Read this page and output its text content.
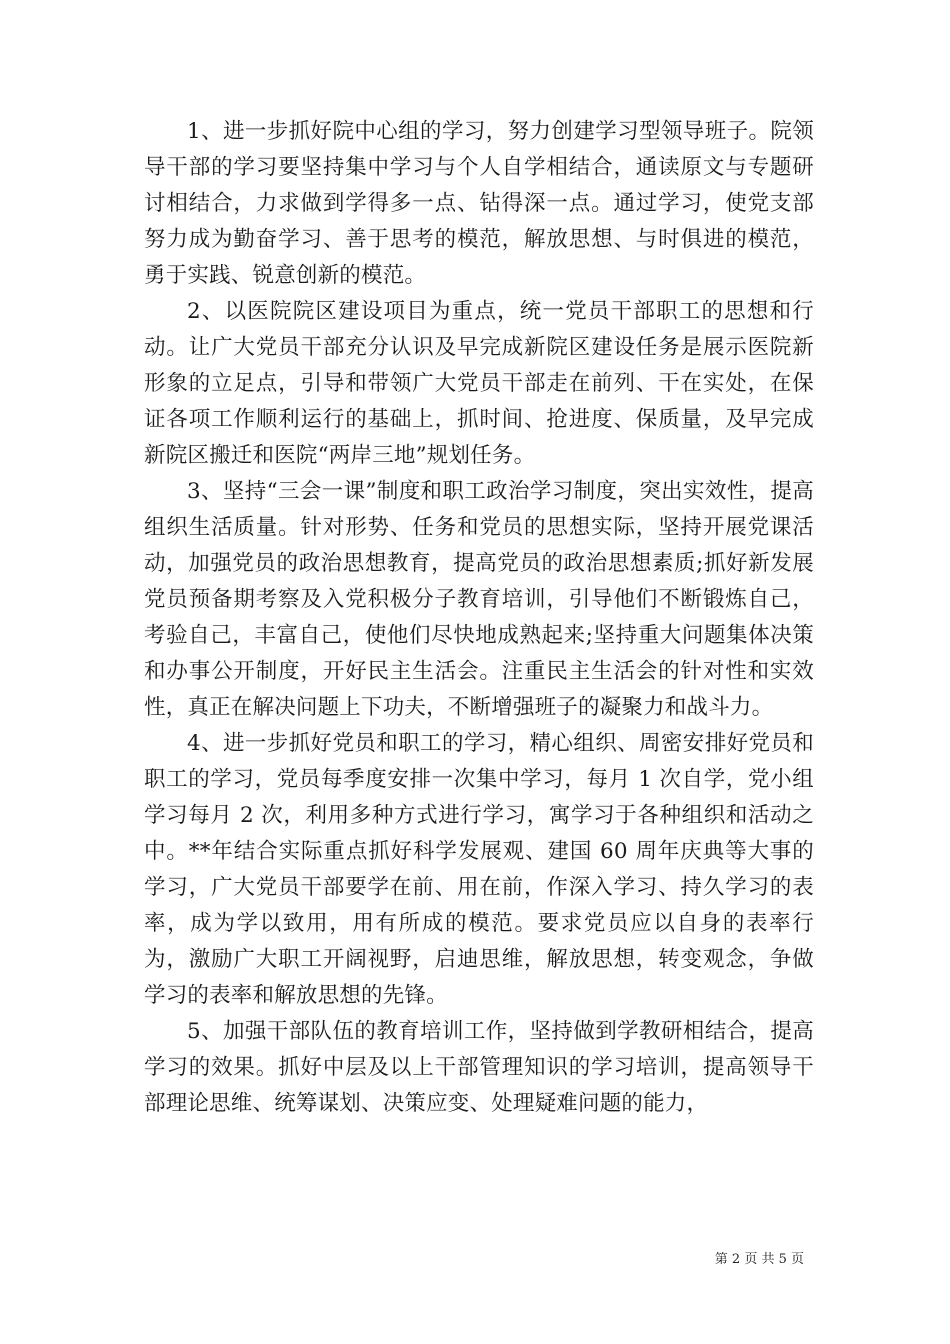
1、进一步抓好院中心组的学习，努力创建学习型领导班子。院领导干部的学习要坚持集中学习与个人自学相结合，通读原文与专题研讨相结合，力求做到学得多一点、钻得深一点。通过学习，使党支部努力成为勤奋学习、善于思考的模范，解放思想、与时俱进的模范，勇于实践、锐意创新的模范。

2、以医院院区建设项目为重点，统一党员干部职工的思想和行动。让广大党员干部充分认识及早完成新院区建设任务是展示医院新形象的立足点，引导和带领广大党员干部走在前列、干在实处，在保证各项工作顺利运行的基础上，抓时间、抢进度、保质量，及早完成新院区搬迁和医院“两岸三地”规划任务。

3、坚持“三会一课”制度和职工政治学习制度，突出实效性，提高组织生活质量。针对形势、任务和党员的思想实际，坚持开展党课活动，加强党员的政治思想教育，提高党员的政治思想素质;抓好新发展党员预备期考察及入党积极分子教育培训，引导他们不断锻炼自己，考验自己，丰富自己，使他们尽快地成熟起来;坚持重大问题集体决策和办事公开制度，开好民主生活会。注重民主生活会的针对性和实效性，真正在解决问题上下功夫，不断增强班子的凝聚力和战斗力。

4、进一步抓好党员和职工的学习，精心组织、周密安排好党员和职工的学习，党员每季度安排一次集中学习，每月 1 次自学，党小组学习每月 2 次，利用多种方式进行学习，寓学习于各种组织和活动之中。**年结合实际重点抓好科学发展观、建国 60 周年庆典等大事的学习，广大党员干部要学在前、用在前，作深入学习、持久学习的表率，成为学以致用，用有所成的模范。要求党员应以自身的表率行为，激励广大职工开阔视野，启迪思维，解放思想，转变观念，争做学习的表率和解放思想的先锋。

5、加强干部队伍的教育培训工作，坚持做到学教研相结合，提高学习的效果。抓好中层及以上干部管理知识的学习培训，提高领导干部理论思维、统筹谋划、决策应变、处理疑难问题的能力，

第 2 页 共 5 页
